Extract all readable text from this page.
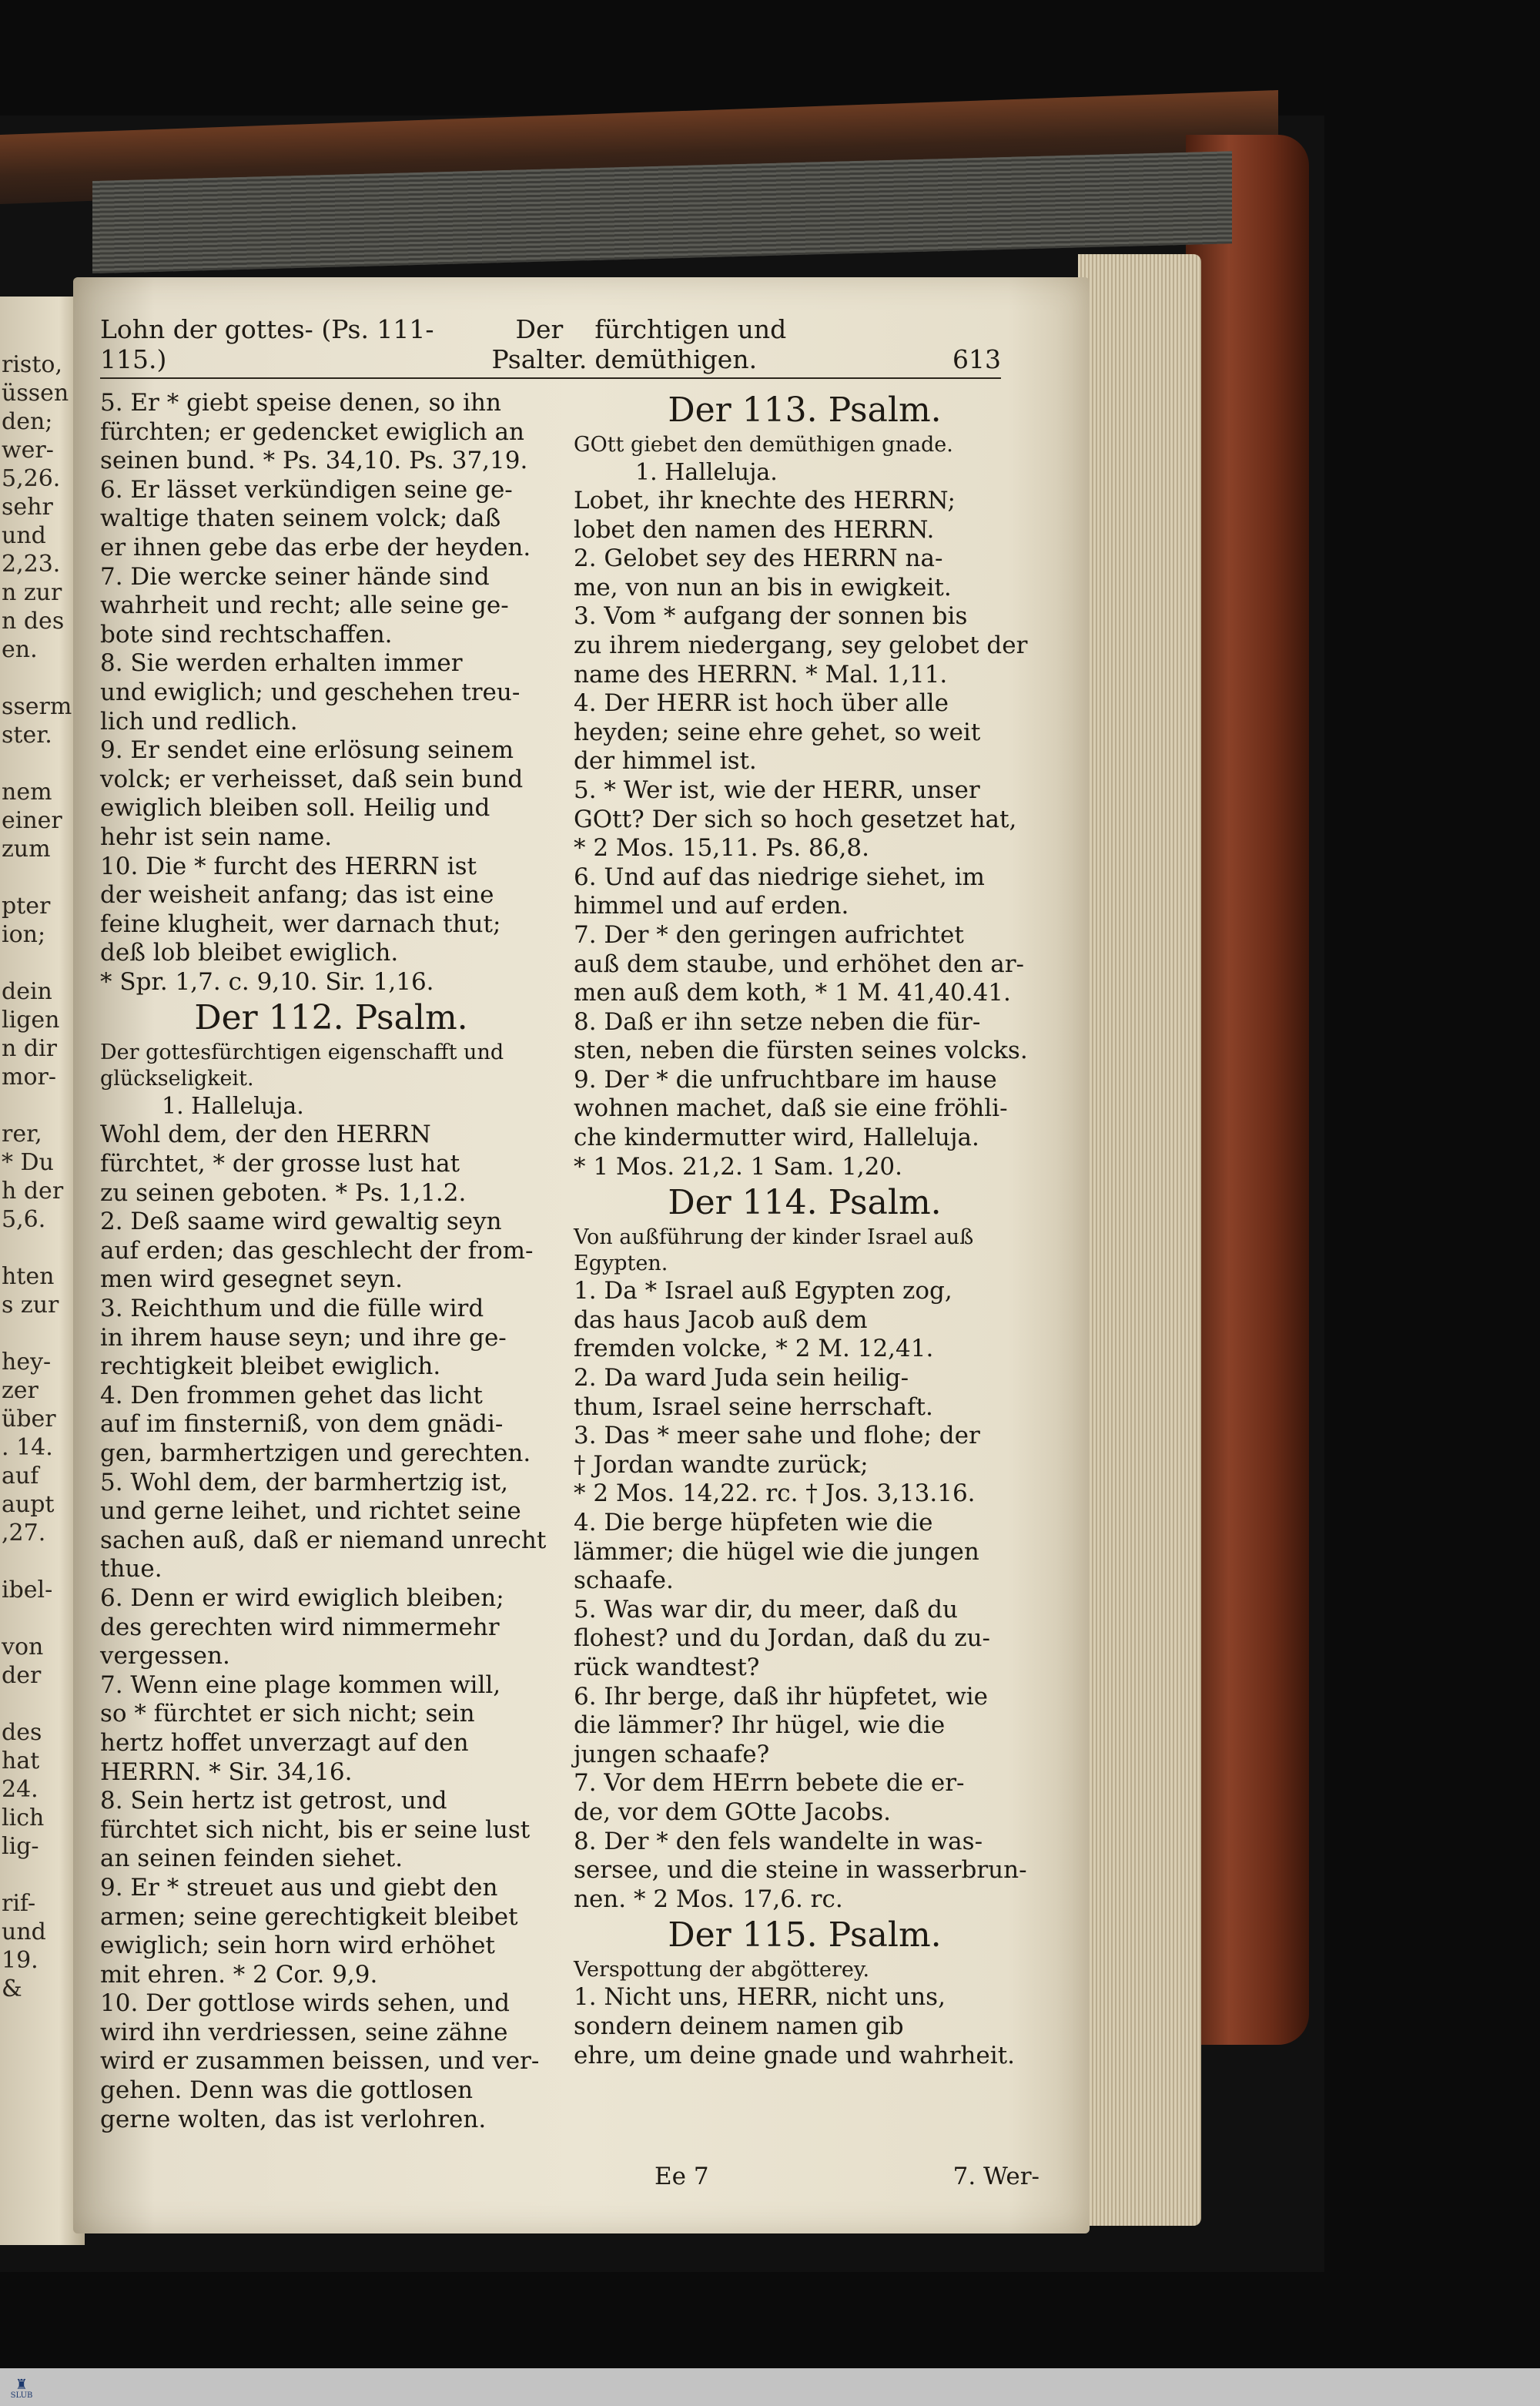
risto,
üssen
den;
wer-
5,26.
sehr
und
2,23.
n zur
n des
en.

sserm
ster.

nem
einer
zum

pter
ion;

dein
ligen
n dir
mor-

rer,
* Du
h der
5,6.

hten
s zur

hey-
zer
über
. 14.
auf
aupt
,27.

ibel-

von
der

des
hat
24.
lich
lig-

rif-
und
19.
&
Lohn der gottes- (Ps. 111-115.)
Der Psalter.
fürchtigen und demüthigen.	613
5. Er * giebt speise denen, so ihn
fürchten; er gedencket ewiglich an
seinen bund. * Ps. 34,10. Ps. 37,19.
6. Er lässet verkündigen seine ge-
waltige thaten seinem volck; daß
er ihnen gebe das erbe der heyden.
7. Die wercke seiner hände sind
wahrheit und recht; alle seine ge-
bote sind rechtschaffen.
8. Sie werden erhalten immer
und ewiglich; und geschehen treu-
lich und redlich.
9. Er sendet eine erlösung seinem
volck; er verheisset, daß sein bund
ewiglich bleiben soll. Heilig und
hehr ist sein name.
10. Die * furcht des HERRN ist
der weisheit anfang; das ist eine
feine klugheit, wer darnach thut;
deß lob bleibet ewiglich.
* Spr. 1,7. c. 9,10. Sir. 1,16.
Der 112. Psalm.
Der gottesfürchtigen eigenschafft und glückseligkeit.
1. Halleluja.
Wohl dem, der den HERRN
fürchtet, * der grosse lust hat
zu seinen geboten. * Ps. 1,1.2.
2. Deß saame wird gewaltig seyn
auf erden; das geschlecht der from-
men wird gesegnet seyn.
3. Reichthum und die fülle wird
in ihrem hause seyn; und ihre ge-
rechtigkeit bleibet ewiglich.
4. Den frommen gehet das licht
auf im finsterniß, von dem gnädi-
gen, barmhertzigen und gerechten.
5. Wohl dem, der barmhertzig ist,
und gerne leihet, und richtet seine
sachen auß, daß er niemand unrecht
thue.
6. Denn er wird ewiglich bleiben;
des gerechten wird nimmermehr
vergessen.
7. Wenn eine plage kommen will,
so * fürchtet er sich nicht; sein
hertz hoffet unverzagt auf den
HERRN. * Sir. 34,16.
8. Sein hertz ist getrost, und
fürchtet sich nicht, bis er seine lust
an seinen feinden siehet.
9. Er * streuet aus und giebt den
armen; seine gerechtigkeit bleibet
ewiglich; sein horn wird erhöhet
mit ehren. * 2 Cor. 9,9.
10. Der gottlose wirds sehen, und
wird ihn verdriessen, seine zähne
wird er zusammen beissen, und ver-
gehen. Denn was die gottlosen
gerne wolten, das ist verlohren.
Der 113. Psalm.
GOtt giebet den demüthigen gnade.
1. Halleluja.
Lobet, ihr knechte des HERRN;
lobet den namen des HERRN.
2. Gelobet sey des HERRN na-
me, von nun an bis in ewigkeit.
3. Vom * aufgang der sonnen bis
zu ihrem niedergang, sey gelobet der
name des HERRN. * Mal. 1,11.
4. Der HERR ist hoch über alle
heyden; seine ehre gehet, so weit
der himmel ist.
5. * Wer ist, wie der HERR, unser
GOtt? Der sich so hoch gesetzet hat,
* 2 Mos. 15,11. Ps. 86,8.
6. Und auf das niedrige siehet, im
himmel und auf erden.
7. Der * den geringen aufrichtet
auß dem staube, und erhöhet den ar-
men auß dem koth, * 1 M. 41,40.41.
8. Daß er ihn setze neben die für-
sten, neben die fürsten seines volcks.
9. Der * die unfruchtbare im hause
wohnen machet, daß sie eine fröhli-
che kindermutter wird, Halleluja.
* 1 Mos. 21,2. 1 Sam. 1,20.
Der 114. Psalm.
Von außführung der kinder Israel auß Egypten.
1. Da * Israel auß Egypten zog,
das haus Jacob auß dem
fremden volcke, * 2 M. 12,41.
2. Da ward Juda sein heilig-
thum, Israel seine herrschaft.
3. Das * meer sahe und flohe; der
† Jordan wandte zurück;
* 2 Mos. 14,22. rc. † Jos. 3,13.16.
4. Die berge hüpfeten wie die
lämmer; die hügel wie die jungen
schaafe.
5. Was war dir, du meer, daß du
flohest? und du Jordan, daß du zu-
rück wandtest?
6. Ihr berge, daß ihr hüpfetet, wie
die lämmer? Ihr hügel, wie die
jungen schaafe?
7. Vor dem HErrn bebete die er-
de, vor dem GOtte Jacobs.
8. Der * den fels wandelte in was-
sersee, und die steine in wasserbrun-
nen. * 2 Mos. 17,6. rc.
Der 115. Psalm.
Verspottung der abgötterey.
1. Nicht uns, HERR, nicht uns,
sondern deinem namen gib
ehre, um deine gnade und wahrheit.
Ee 7	7. Wer-
♜
SLUB
